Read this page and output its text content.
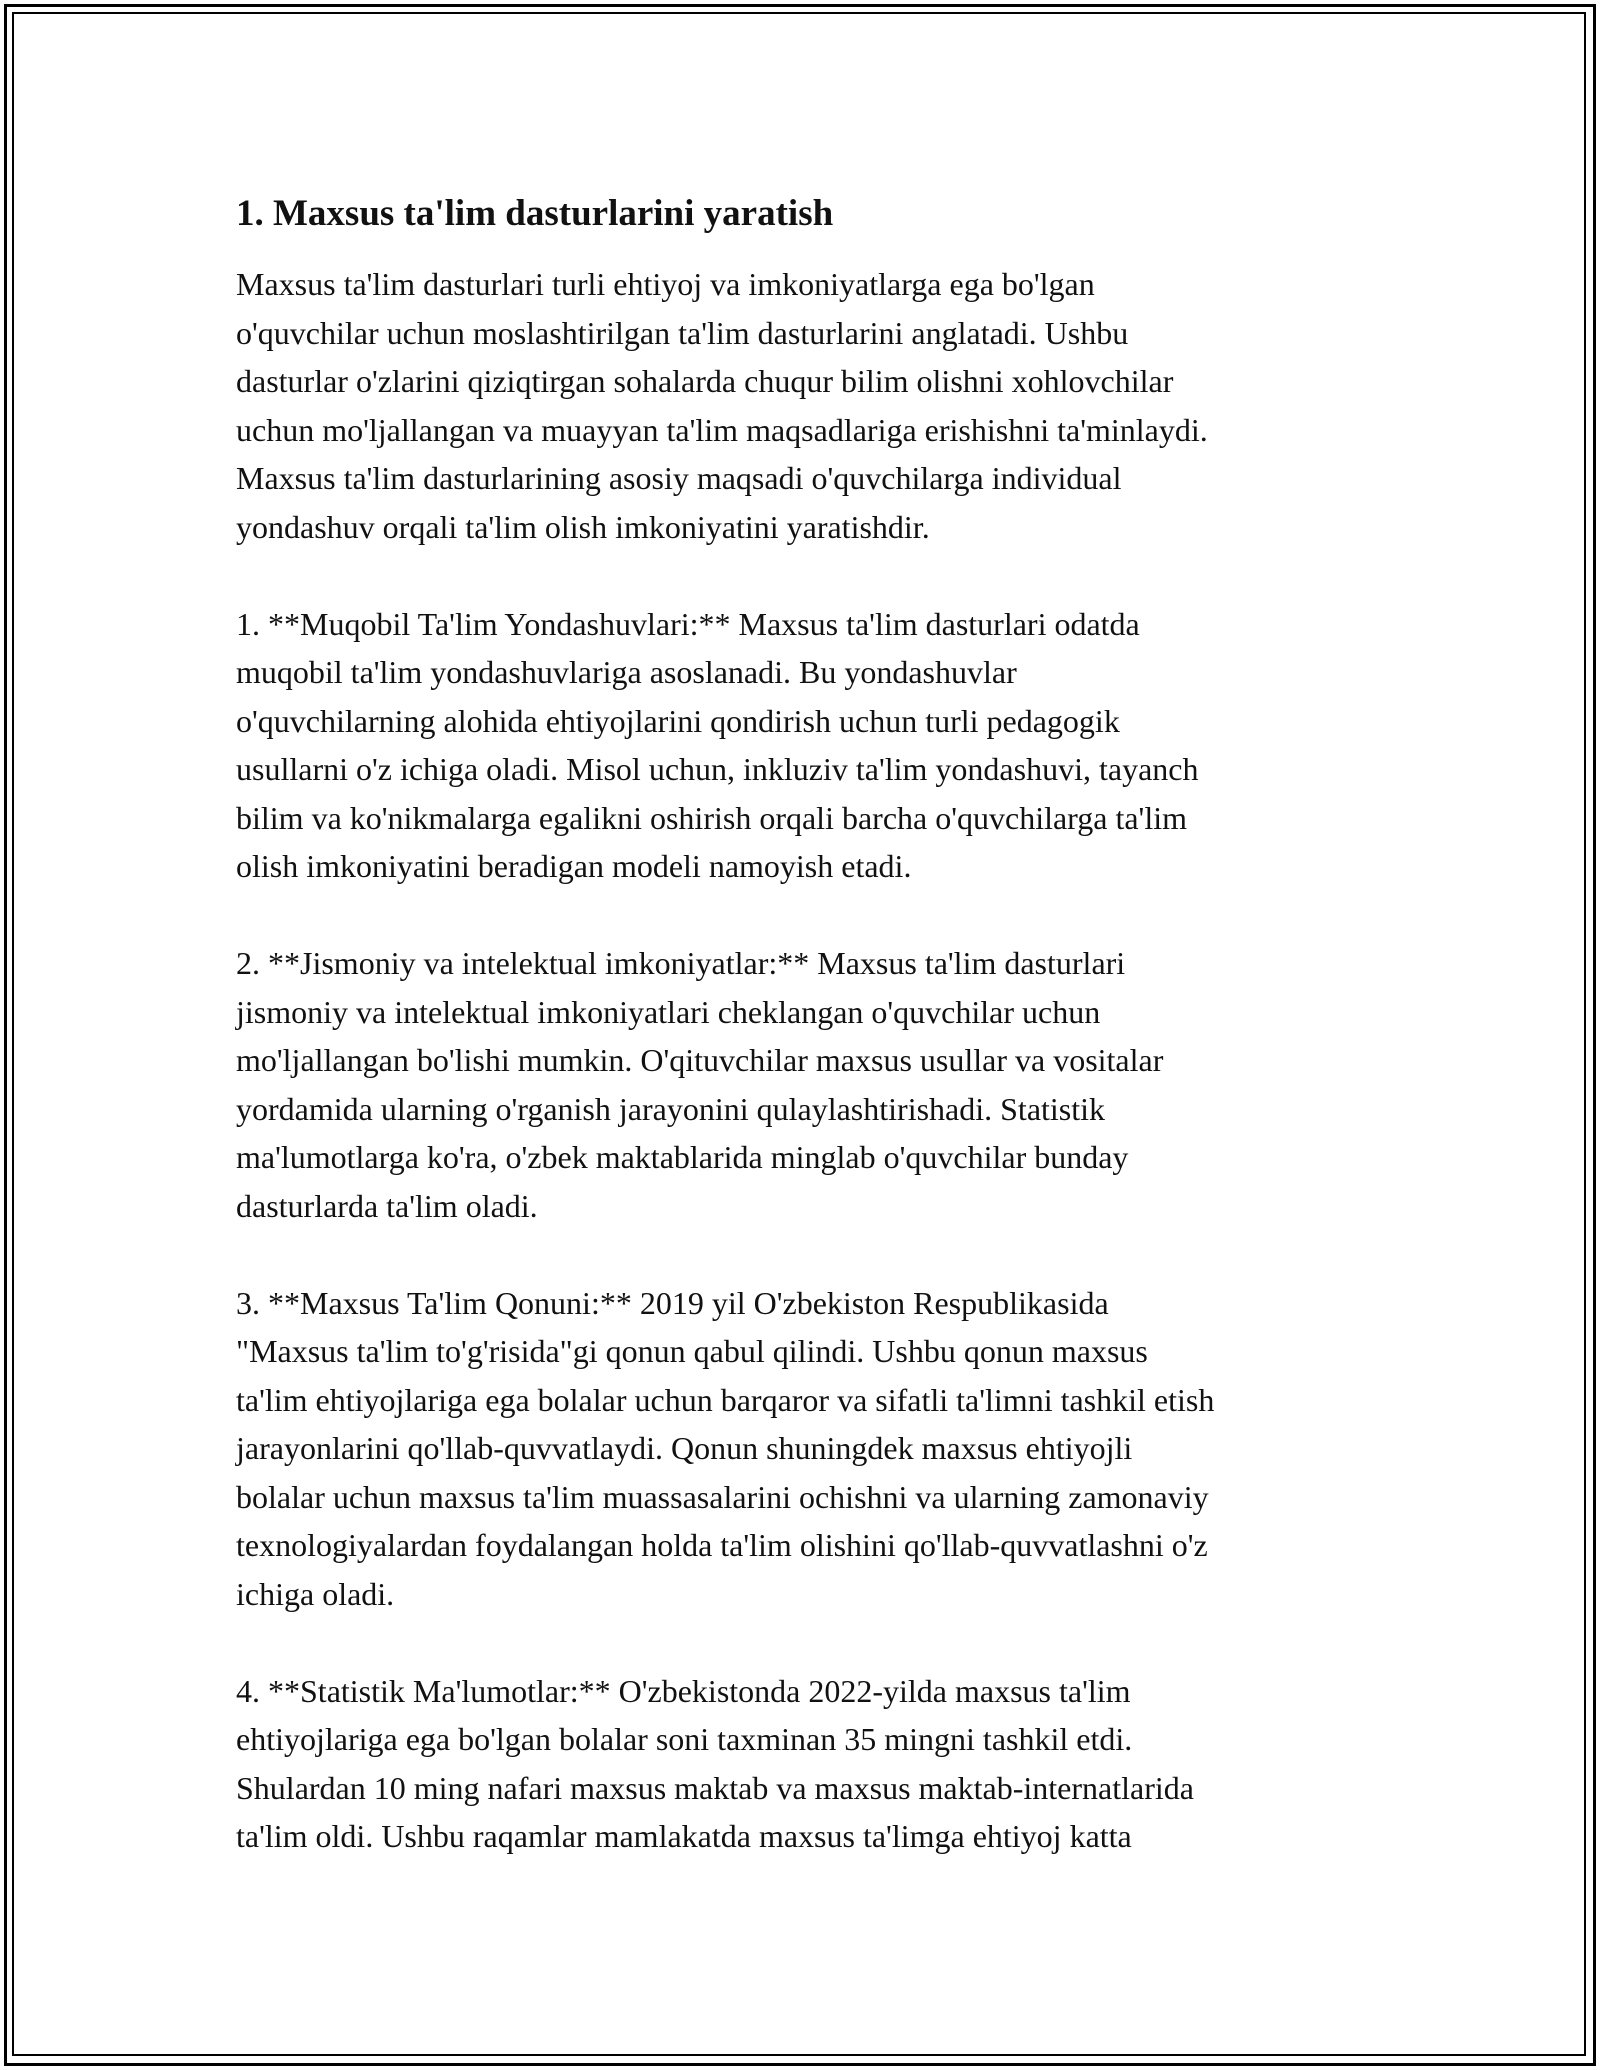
1. Maxsus ta'lim dasturlarini yaratish

Maxsus ta'lim dasturlari turli ehtiyoj va imkoniyatlarga ega bo'lgan
o'quvchilar uchun moslashtirilgan ta'lim dasturlarini anglatadi. Ushbu
dasturlar o'zlarini qiziqtirgan sohalarda chuqur bilim olishni xohlovchilar
uchun mo'ljallangan va muayyan ta'lim maqsadlariga erishishni ta'minlaydi.
Maxsus ta'lim dasturlarining asosiy maqsadi o'quvchilarga individual
yondashuv orqali ta'lim olish imkoniyatini yaratishdir.

1. **Muqobil Ta'lim Yondashuvlari:** Maxsus ta'lim dasturlari odatda
muqobil ta'lim yondashuvlariga asoslanadi. Bu yondashuvlar
o'quvchilarning alohida ehtiyojlarini qondirish uchun turli pedagogik
usullarni o'z ichiga oladi. Misol uchun, inkluziv ta'lim yondashuvi, tayanch
bilim va ko'nikmalarga egalikni oshirish orqali barcha o'quvchilarga ta'lim
olish imkoniyatini beradigan modeli namoyish etadi.

2. **Jismoniy va intelektual imkoniyatlar:** Maxsus ta'lim dasturlari
jismoniy va intelektual imkoniyatlari cheklangan o'quvchilar uchun
mo'ljallangan bo'lishi mumkin. O'qituvchilar maxsus usullar va vositalar
yordamida ularning o'rganish jarayonini qulaylashtirishadi. Statistik
ma'lumotlarga ko'ra, o'zbek maktablarida minglab o'quvchilar bunday
dasturlarda ta'lim oladi.

3. **Maxsus Ta'lim Qonuni:** 2019 yil O'zbekiston Respublikasida
"Maxsus ta'lim to'g'risida"gi qonun qabul qilindi. Ushbu qonun maxsus
ta'lim ehtiyojlariga ega bolalar uchun barqaror va sifatli ta'limni tashkil etish
jarayonlarini qo'llab-quvvatlaydi. Qonun shuningdek maxsus ehtiyojli
bolalar uchun maxsus ta'lim muassasalarini ochishni va ularning zamonaviy
texnologiyalardan foydalangan holda ta'lim olishini qo'llab-quvvatlashni o'z
ichiga oladi.

4. **Statistik Ma'lumotlar:** O'zbekistonda 2022-yilda maxsus ta'lim
ehtiyojlariga ega bo'lgan bolalar soni taxminan 35 mingni tashkil etdi.
Shulardan 10 ming nafari maxsus maktab va maxsus maktab-internatlarida
ta'lim oldi. Ushbu raqamlar mamlakatda maxsus ta'limga ehtiyoj katta
